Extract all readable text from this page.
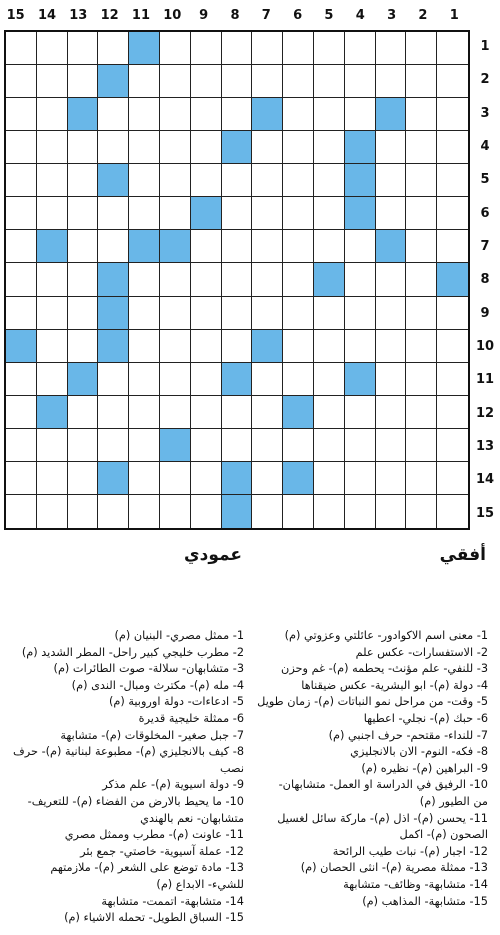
15	14	13	12	11	10	9	8	7	6	5	4	3	2	1
1
2
3
4
5
6
7
8
9
10
11
12
13
14
15
أفقي
عمودي
1- معنى اسم الاكوادور- عائلتي وعزوتي (م)
2- الاستفسارات- عكس علم
3- للنفي- علم مؤنث- يحطمه (م)- غم وحزن
4- دولة (م)- ابو البشرية- عكس ضيقناها
5- وقت- من مراحل نمو النباتات (م)- زمان طويل
6- حبك (م)- نجلي- اعطيها
7- للنداء- مقتحم- حرف اجنبي (م)
8- فكه- النوم- الان بالانجليزي
9- البراهين (م)- نظيره (م)
10- الرفيق في الدراسة او العمل- متشابهان-
من الطيور (م)
11- يحسن (م)- اذل (م)- ماركة سائل لغسيل
الصحون (م)- اكمل
12- اجبار (م)- نبات طيب الرائحة
13- ممثلة مصرية (م)- انثى الحصان (م)
14- متشابهة- وظائف- متشابهة
15- متشابهة- المذاهب (م)
1- ممثل مصري- البنيان (م)
2- مطرب خليجي كبير راحل- المطر الشديد (م)
3- متشابهان- سلالة- صوت الطائرات (م)
4- مله (م)- مكترث ومبال- الندى (م)
5- ادعاءات- دولة اوروبية (م)
6- ممثلة خليجية قديرة
7- جبل صغير- المخلوقات (م)- متشابهة
8- كيف بالانجليزي (م)- مطبوعة لبنانية (م)- حرف نصب
9- دولة اسيوية (م)- علم مذكر
10- ما يحيط بالارض من الفضاء (م)- للتعريف-
متشابهان- نعم بالهندي
11- عاونت (م)- مطرب وممثل مصري
12- عملة آسيوية- خاصتي- جمع بئر
13- مادة توضع على الشعر (م)- ملازمتهم
للشيء- الابداع (م)
14- متشابهة- اتممت- متشابهة
15- السباق الطويل- تحمله الاشياء (م)
